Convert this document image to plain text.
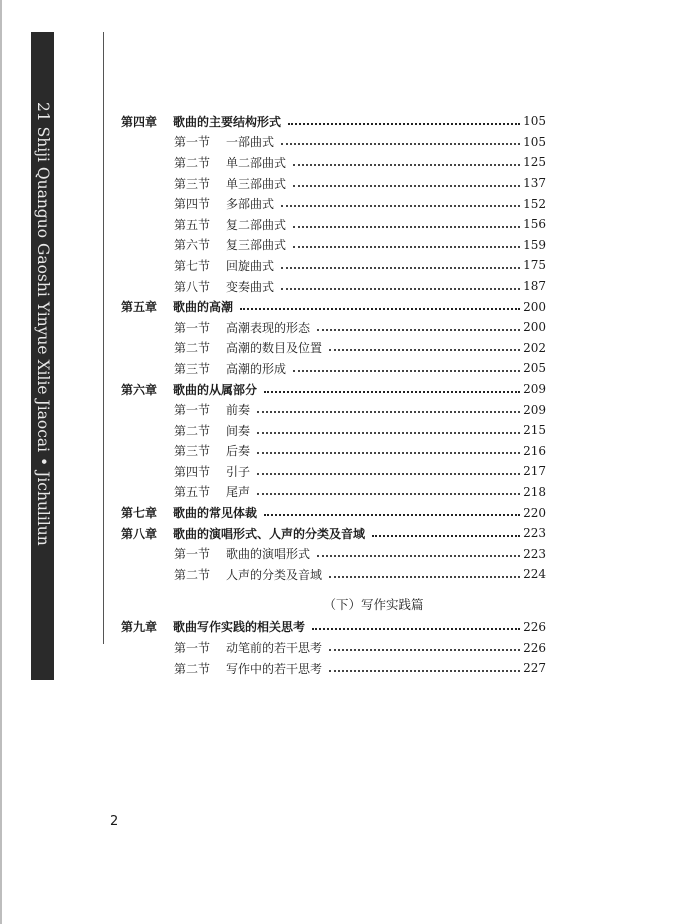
21 Shiji Quanguo Gaoshi Yinyue Xilie Jiaocai • Jichulilun	第四章	歌曲的主要结构形式	105
第一节	一部曲式	105
第二节	单二部曲式	125
第三节	单三部曲式	137
第四节	多部曲式	152
第五节	复二部曲式	156
第六节	复三部曲式	159
第七节	回旋曲式	175
第八节	变奏曲式	187
第五章	歌曲的高潮	200
第一节	高潮表现的形态	200
第二节	高潮的数目及位置	202
第三节	高潮的形成	205
第六章	歌曲的从属部分	209
第一节	前奏	209
第二节	间奏	215
第三节	后奏	216
第四节	引子	217
第五节	尾声	218
第七章	歌曲的常见体裁	220
第八章	歌曲的演唱形式、人声的分类及音域	223
第一节	歌曲的演唱形式	223
第二节	人声的分类及音域	224
（下）写作实践篇
第九章	歌曲写作实践的相关思考	226
第一节	动笔前的若干思考	226
第二节	写作中的若干思考	227
2
